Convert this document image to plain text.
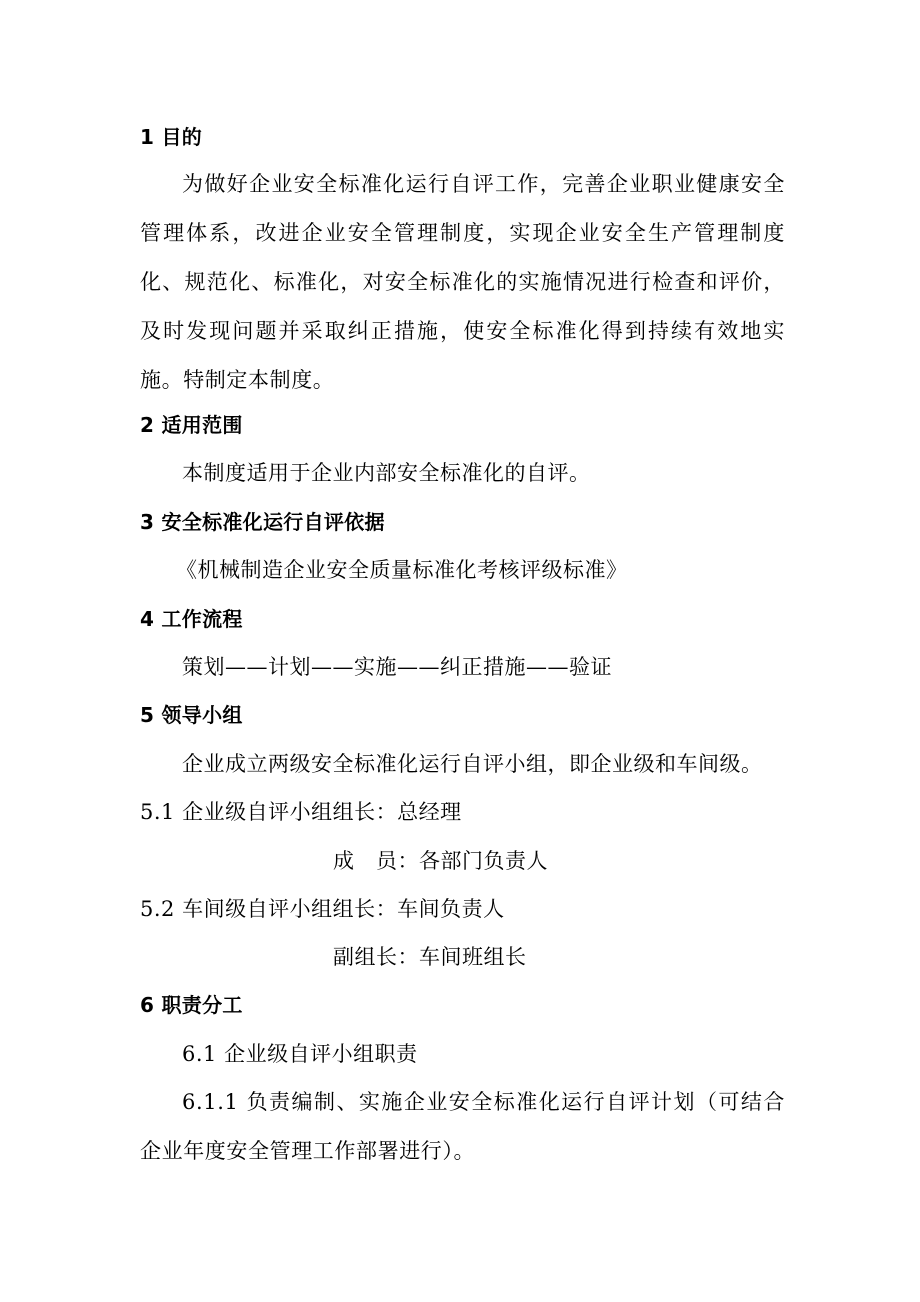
1 目的
为做好企业安全标准化运行自评工作，完善企业职业健康安全管理体系，改进企业安全管理制度，实现企业安全生产管理制度化、规范化、标准化，对安全标准化的实施情况进行检查和评价，及时发现问题并采取纠正措施，使安全标准化得到持续有效地实施。特制定本制度。
2 适用范围
本制度适用于企业内部安全标准化的自评。
3 安全标准化运行自评依据
《机械制造企业安全质量标准化考核评级标准》
4 工作流程
策划——计划——实施——纠正措施——验证
5 领导小组
企业成立两级安全标准化运行自评小组，即企业级和车间级。
5.1 企业级自评小组组长：总经理
成　员：各部门负责人
5.2 车间级自评小组组长：车间负责人
副组长：车间班组长
6 职责分工
6.1 企业级自评小组职责
6.1.1 负责编制、实施企业安全标准化运行自评计划（可结合企业年度安全管理工作部署进行）。
